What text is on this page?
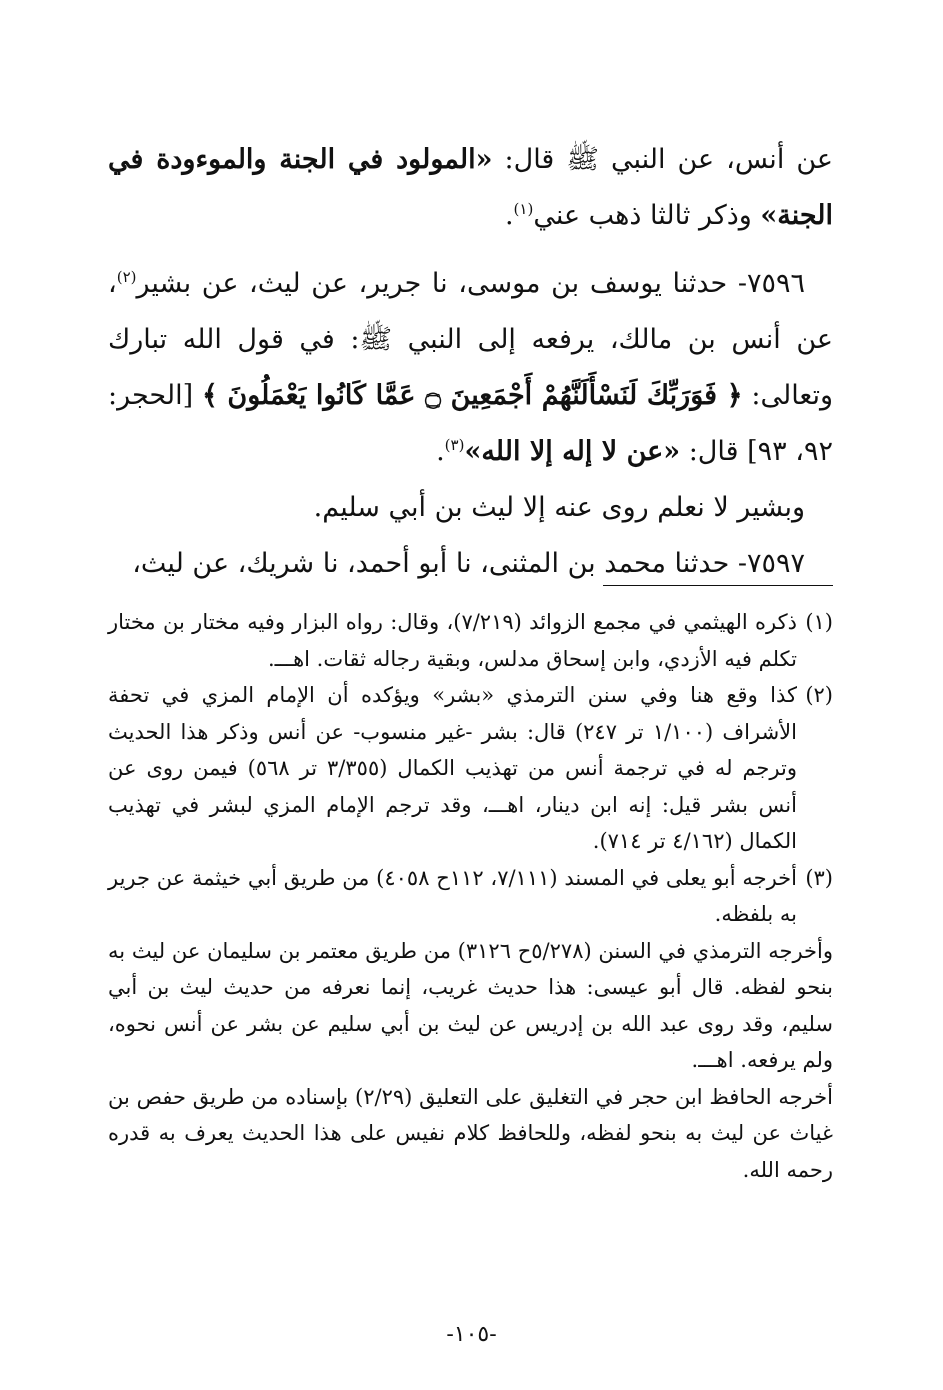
عن أنس، عن النبي ﷺ قال: «المولود في الجنة والموءودة في الجنة» وذكر ثالثا ذهب عني$^{(١)}$.

٧٥٩٦- حدثنا يوسف بن موسى، نا جرير، عن ليث، عن بشير$^{(٢)}$، عن أنس بن مالك، يرفعه إلى النبي ﷺ: في قول الله تبارك وتعالى: ﴿ فَوَرَبِّكَ لَنَسْأَلَنَّهُمْ أَجْمَعِينَ ۝ عَمَّا كَانُوا يَعْمَلُونَ ﴾ [الحجر: ٩٢، ٩٣] قال: «عن لا إله إلا الله»$^{(٣)}$.

وبشير لا نعلم روى عنه إلا ليث بن أبي سليم.

٧٥٩٧- حدثنا محمد بن المثنى، نا أبو أحمد، نا شريك، عن ليث،

(١)

ذكره الهيثمي في مجمع الزوائد (٧/٢١٩)، وقال: رواه البزار وفيه مختار بن مختار تكلم فيه الأزدي، وابن إسحاق مدلس، وبقية رجاله ثقات. اهـــ.

(٢)

كذا وقع هنا وفي سنن الترمذي «بشر» ويؤكده أن الإمام المزي في تحفة الأشراف (١/١٠٠ تر ٢٤٧) قال: بشر -غير منسوب- عن أنس وذكر هذا الحديث وترجم له في ترجمة أنس من تهذيب الكمال (٣/٣٥٥ تر ٥٦٨) فيمن روى عن أنس بشر قيل: إنه ابن دينار، اهـــ، وقد ترجم الإمام المزي لبشر في تهذيب الكمال (٤/١٦٢ تر ٧١٤).

(٣)

أخرجه أبو يعلى في المسند (٧/١١١، ١١٢ح ٤٠٥٨) من طريق أبي خيثمة عن جرير به بلفظه.

وأخرجه الترمذي في السنن (٥/٢٧٨ح ٣١٢٦) من طريق معتمر بن سليمان عن ليث به بنحو لفظه. قال أبو عيسى: هذا حديث غريب، إنما نعرفه من حديث ليث بن أبي سليم، وقد روى عبد الله بن إدريس عن ليث بن أبي سليم عن بشر عن أنس نحوه، ولم يرفعه. اهـــ.

أخرجه الحافظ ابن حجر في التغليق على التعليق (٢/٢٩) بإسناده من طريق حفص بن غياث عن ليث به بنحو لفظه، وللحافظ كلام نفيس على هذا الحديث يعرف به قدره رحمه الله.

-١٠٥-
